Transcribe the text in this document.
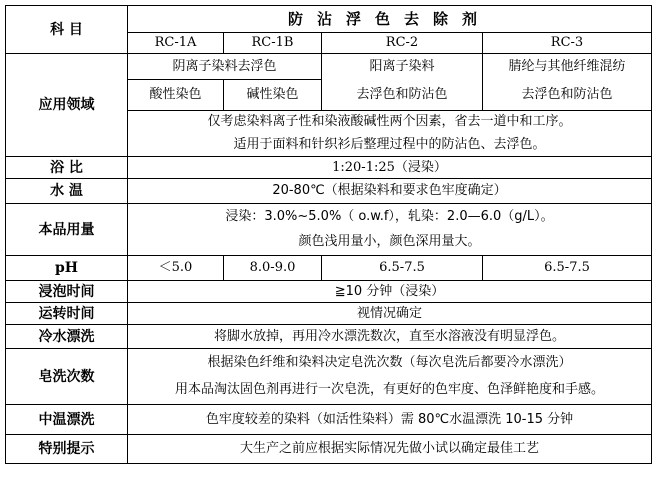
科 目	防沾浮色去除剂			
	RC-1A	RC-1B	RC-2	RC-3
应用领域	阴离子染料去浮色		阳离子染料	腈纶与其他纤维混纺
	酸性染色	碱性染色	去浮色和防沾色	去浮色和防沾色
	仅考虑染料离子性和染液酸碱性两个因素，省去一道中和工序。			
	适用于面料和针织衫后整理过程中的防沾色、去浮色。			
浴 比	1:20-1:25（浸染）			
水 温	20-80℃（根据染料和要求色牢度确定）			
本品用量	浸染：3.0%~5.0%（ o.w.f），轧染：2.0—6.0（g/L）。			
	颜色浅用量小，颜色深用量大。			
pH	＜5.0	8.0-9.0	6.5-7.5	6.5-7.5
浸泡时间	≧10 分钟（浸染）			
运转时间	视情况确定			
冷水漂洗	将脚水放掉，再用冷水漂洗数次，直至水溶液没有明显浮色。			
皂洗次数	根据染色纤维和染料决定皂洗次数（每次皂洗后都要冷水漂洗）			
	用本品淘汰固色剂再进行一次皂洗，有更好的色牢度、色泽鲜艳度和手感。			
中温漂洗	色牢度较差的染料（如活性染料）需 80℃水温漂洗 10-15 分钟			
特别提示	大生产之前应根据实际情况先做小试以确定最佳工艺			
